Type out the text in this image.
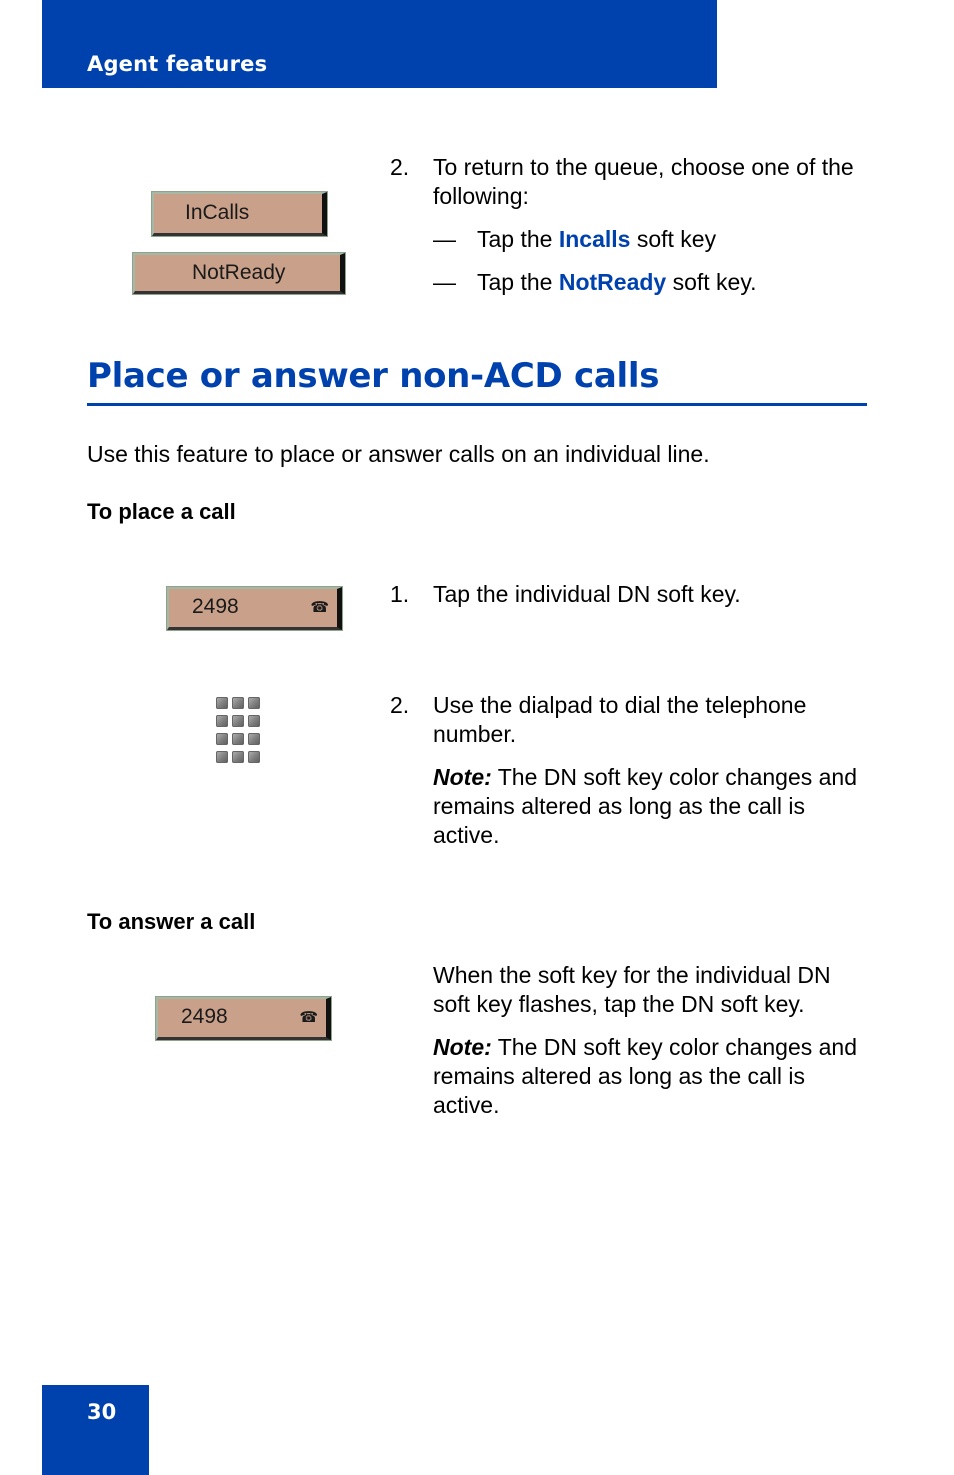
Agent features
InCalls
NotReady
2. To return to the queue, choose one of the following:
— Tap the Incalls soft key
— Tap the NotReady soft key.
Place or answer non-ACD calls
Use this feature to place or answer calls on an individual line.
To place a call
2498	☎
1. Tap the individual DN soft key.
2. Use the dialpad to dial the telephone number.
Note: The DN soft key color changes and remains altered as long as the call is active.
To answer a call
2498	☎
When the soft key for the individual DN soft key flashes, tap the DN soft key.
Note: The DN soft key color changes and remains altered as long as the call is active.
30
